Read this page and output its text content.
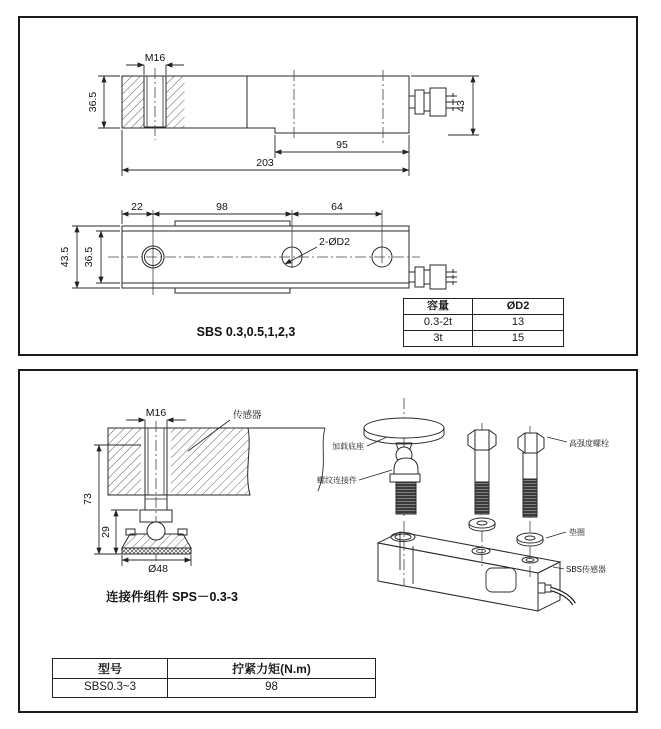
M16
36.5	43
95
203
22	98	64
43.5 36.5
2-ØD2
SBS 0.3,0.5,1,2,3
容量	ØD2
0.3-2t	13
3t	15
M16	传感器
73
29
Ø48
连接件组件 SPS－0.3-3
加载底座
螺纹连接件
高强度螺栓
垫圈
SBS传感器
型号	拧紧力矩(N.m)
SBS0.3~3	98
